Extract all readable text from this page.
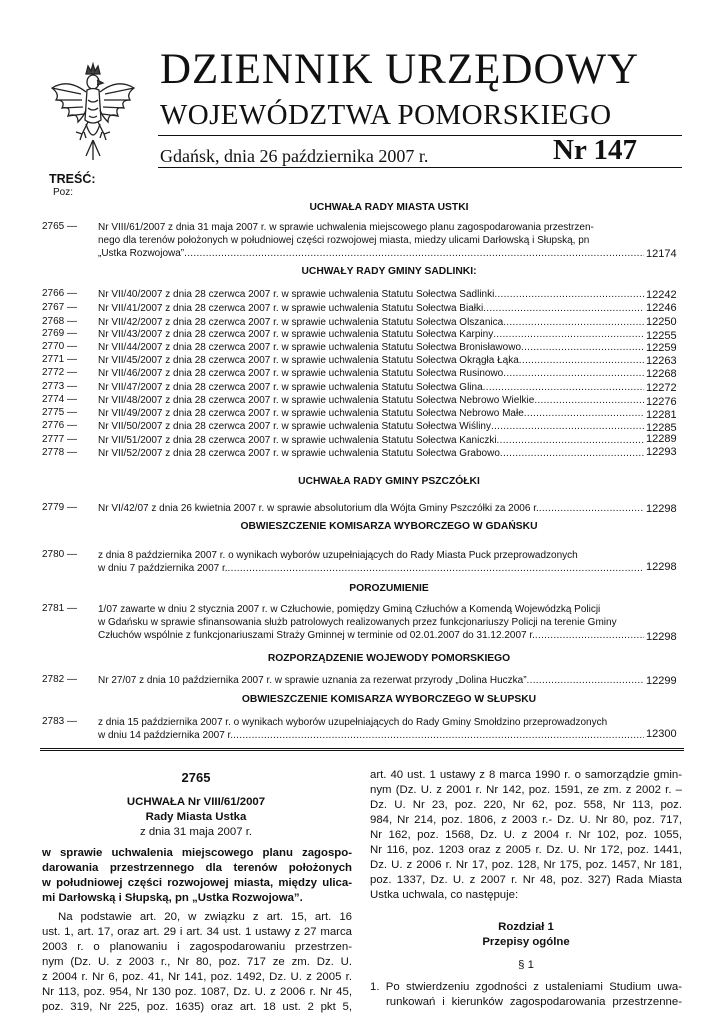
DZIENNIK URZĘDOWY
WOJEWÓDZTWA POMORSKIEGO
Gdańsk, dnia 26 października 2007 r.	Nr 147
TREŚĆ:
Poz:
UCHWAŁA RADY MIASTA USTKI
2765 —	Nr VIII/61/2007 z dnia 31 maja 2007 r. w sprawie uchwalenia miejscowego planu zagospodarowania przestrzen-
nego dla terenów położonych w południowej części rozwojowej miasta, miedzy ulicami Darłowską i Słupską, pn
„Ustka Rozwojowa” .....	12174
UCHWAŁY RADY GMINY SADLINKI:
2766 —	Nr VII/40/2007 z dnia 28 czerwca 2007 r. w sprawie uchwalenia Statutu Sołectwa Sadlinki .....	12242
2767 —	Nr VII/41/2007 z dnia 28 czerwca 2007 r. w sprawie uchwalenia Statutu Sołectwa Białki .....	12246
2768 —	Nr VII/42/2007 z dnia 28 czerwca 2007 r. w sprawie uchwalenia Statutu Sołectwa Olszanica .....	12250
2769 —	Nr VII/43/2007 z dnia 28 czerwca 2007 r. w sprawie uchwalenia Statutu Sołectwa Karpiny .....	12255
2770 —	Nr VII/44/2007 z dnia 28 czerwca 2007 r. w sprawie uchwalenia Statutu Sołectwa Bronisławowo .....	12259
2771 —	Nr VII/45/2007 z dnia 28 czerwca 2007 r. w sprawie uchwalenia Statutu Sołectwa Okrągła Łąka .....	12263
2772 —	Nr VII/46/2007 z dnia 28 czerwca 2007 r. w sprawie uchwalenia Statutu Sołectwa Rusinowo .....	12268
2773 —	Nr VII/47/2007 z dnia 28 czerwca 2007 r. w sprawie uchwalenia Statutu Sołectwa Glina .....	12272
2774 —	Nr VII/48/2007 z dnia 28 czerwca 2007 r. w sprawie uchwalenia Statutu Sołectwa Nebrowo Wielkie .....	12276
2775 —	Nr VII/49/2007 z dnia 28 czerwca 2007 r. w sprawie uchwalenia Statutu Sołectwa Nebrowo Małe .....	12281
2776 —	Nr VII/50/2007 z dnia 28 czerwca 2007 r. w sprawie uchwalenia Statutu Sołectwa Wiśliny .....	12285
2777 —	Nr VII/51/2007 z dnia 28 czerwca 2007 r. w sprawie uchwalenia Statutu Sołectwa Kaniczki .....	12289
2778 —	Nr VII/52/2007 z dnia 28 czerwca 2007 r. w sprawie uchwalenia Statutu Sołectwa Grabowo .....	12293
UCHWAŁA RADY GMINY PSZCZÓŁKI
2779 —	Nr VI/42/07 z dnia 26 kwietnia 2007 r. w sprawie absolutorium dla Wójta Gminy Pszczółki za 2006 r. .....	12298
OBWIESZCZENIE KOMISARZA WYBORCZEGO W GDAŃSKU
2780 —	z dnia 8 października 2007 r. o wynikach wyborów uzupełniających do Rady Miasta Puck przeprowadzonych
w dniu 7 października 2007 r. .....	12298
POROZUMIENIE
2781 —	1/07 zawarte w dniu 2 stycznia 2007 r. w Człuchowie, pomiędzy Gminą Człuchów a Komendą Wojewódzką Policji
w Gdańsku w sprawie sfinansowania służb patrolowych realizowanych przez funkcjonariuszy Policji na terenie Gminy
Człuchów wspólnie z funkcjonariuszami Straży Gminnej w terminie od 02.01.2007 do 31.12.2007 r. .....	12298
ROZPORZĄDZENIE WOJEWODY POMORSKIEGO
2782 —	Nr 27/07 z dnia 10 października 2007 r. w sprawie uznania za rezerwat przyrody „Dolina Huczka” .....	12299
OBWIESZCZENIE KOMISARZA WYBORCZEGO W SŁUPSKU
2783 —	z dnia 15 października 2007 r. o wynikach wyborów uzupełniających do Rady Gminy Smołdzino przeprowadzonych
w dniu 14 października 2007 r. .....	12300
2765
UCHWAŁA Nr VIII/61/2007
Rady Miasta Ustka
z dnia 31 maja 2007 r.
w sprawie uchwalenia miejscowego planu zagospo-
darowania przestrzennego dla terenów położonych
w południowej części rozwojowej miasta, między ulica-
mi Darłowską i Słupską, pn „Ustka Rozwojowa”.
Na podstawie art. 20, w związku z art. 15, art. 16
ust. 1, art. 17, oraz art. 29 i art. 34 ust. 1 ustawy z 27 marca
2003 r. o planowaniu i zagospodarowaniu przestrzen-
nym (Dz. U. z 2003 r., Nr 80, poz. 717 ze zm. Dz. U.
z 2004 r. Nr 6, poz. 41, Nr 141, poz. 1492, Dz. U. z 2005 r.
Nr 113, poz. 954, Nr 130 poz. 1087, Dz. U. z 2006 r. Nr 45,
poz. 319, Nr 225, poz. 1635) oraz art. 18 ust. 2 pkt 5,
art. 40 ust. 1 ustawy z 8 marca 1990 r. o samorządzie gmin-
nym (Dz. U. z 2001 r. Nr 142, poz. 1591, ze zm. z 2002 r. –
Dz. U. Nr 23, poz. 220, Nr 62, poz. 558, Nr 113, poz.
984, Nr 214, poz. 1806, z 2003 r.- Dz. U. Nr 80, poz. 717,
Nr 162, poz. 1568, Dz. U. z 2004 r. Nr 102, poz. 1055,
Nr 116, poz. 1203 oraz z 2005 r. Dz. U. Nr 172, poz. 1441,
Dz. U. z 2006 r. Nr 17, poz. 128, Nr 175, poz. 1457, Nr 181,
poz. 1337, Dz. U. z 2007 r. Nr 48, poz. 327) Rada Miasta
Ustka uchwala, co następuje:
Rozdział 1
Przepisy ogólne
§ 1
1. Po stwierdzeniu zgodności z ustaleniami Studium uwa-
runkowań i kierunków zagospodarowania przestrzenne-
